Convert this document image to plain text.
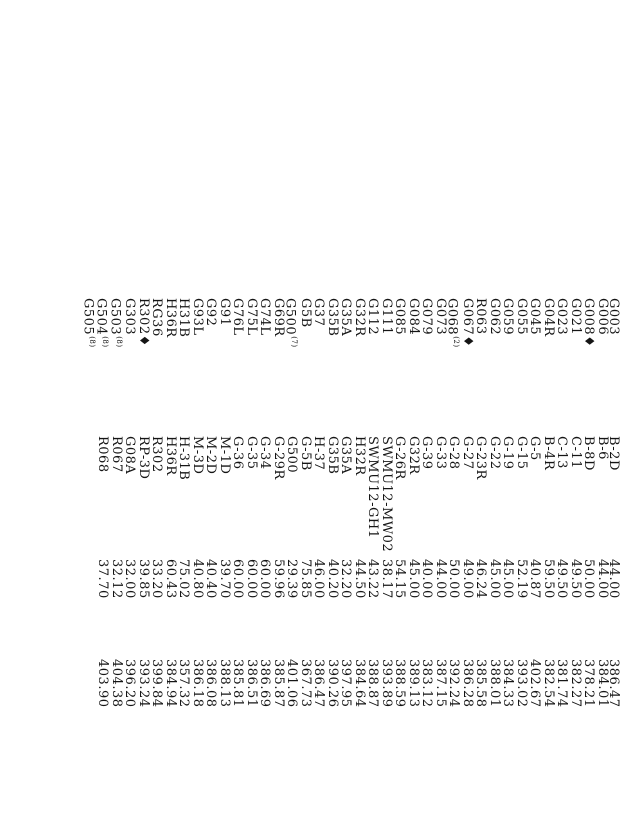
G003
B-2D
44.00
386.47
G006
B-6
44.00
384.01
G008♦
B-8D
50.00
378.21
G021
C-11
49.50
382.27
G023
C-13
49.50
381.74
G04R
B-4R
59.50
382.54
G045
G-5
40.87
402.67
G055
G-15
52.19
393.02
G059
G-19
45.00
384.33
G062
G-22
45.00
388.01
R063
G-23R
46.24
385.58
G067♦
G-27
49.00
386.28
G068$^{(2)}$
G-28
50.00
392.24
G073
G-33
44.00
387.15
G079
G-39
40.00
383.12
G084
G32R
45.00
389.13
G085
G-26R
54.15
388.59
G111
SWMU12-MW02
38.17
393.89
G112
SWMU12-GH1
43.22
388.87
G32R
H32R
44.50
384.64
G35A
G35A
32.20
397.95
G35B
G35B
40.20
390.26
G37
H-37
46.00
386.47
G5B
G-5B
75.85
367.73
G500$^{(7)}$
G500
29.39
401.06
G69R
G-29R
59.96
385.87
G74L
G-34
60.00
386.69
G75L
G-35
60.00
386.51
G76L
G-36
60.00
385.81
G91
M-1D
39.70
388.13
G92
M-2D
40.40
386.08
G93L
M-3D
40.80
386.18
H31B
H-31B
75.02
357.32
H36R
H36R
60.43
384.94
RG36
R302
33.20
399.84
R302♦
RP-3D
39.85
393.24
G303
G08A
32.00
396.20
G503$^{(8)}$
R067
32.12
404.38
G504$^{(8)}$
R068
37.70
403.90
G505$^{(8)}$
